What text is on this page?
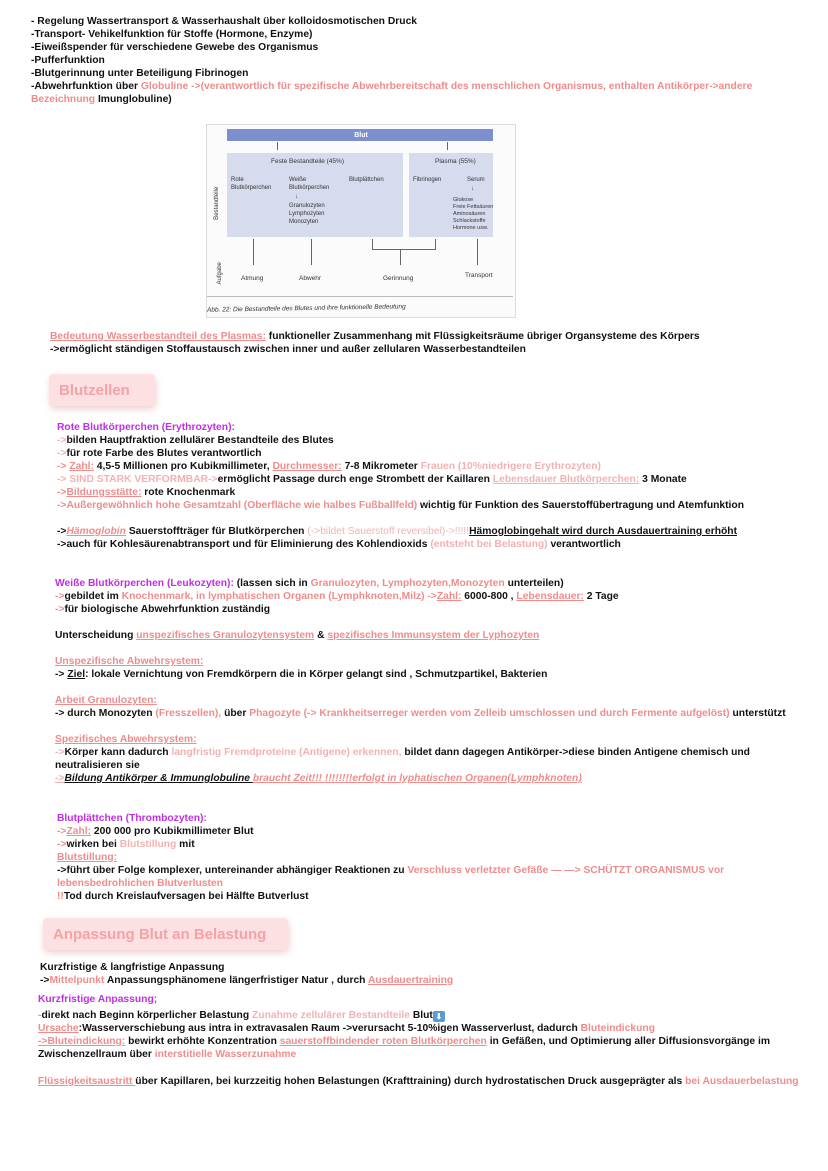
- Regelung Wassertransport & Wasserhaushalt über kolloidosmotischen Druck
-Transport- Vehikelfunktion für Stoffe (Hormone, Enzyme)
-Eiweißspender für verschiedene Gewebe des Organismus
-Pufferfunktion
-Blutgerinnung unter Beteiligung Fibrinogen
-Abwehrfunktion über Globuline ->(verantwortlich für spezifische Abwehrbereitschaft des menschlichen Organismus, enthalten Antikörper->andere
Bezeichnung Imunglobuline)
Blut
Feste Bestandteile (45%)	Plasma (55%)
Rote
Blutkörperchen
Weiße
Blutkörperchen
↓
Granulozyten
Lymphozyten
Monozyten
Blutplättchen	Fibrinogen	Serum
↓
Glukose
Freie Fettsäuren
Aminosäuren
Schlackstoffe
Hormone usw.
Bestandteile
Aufgabe	Atmung	Abwehr	Gerinnung	Transport
Abb. 22: Die Bestandteile des Blutes und ihre funktionelle Bedeutung
Bedeutung Wasserbestandteil des Plasmas: funktioneller Zusammenhang mit Flüssigkeitsräume übriger Organsysteme des Körpers
->ermöglicht ständigen Stoffaustausch zwischen inner und außer zellularen Wasserbestandteilen
Blutzellen
Rote Blutkörperchen (Erythrozyten):
->bilden Hauptfraktion zellulärer Bestandteile des Blutes
->für rote Farbe des Blutes verantwortlich
-> Zahl: 4,5-5 Millionen pro Kubikmillimeter, Durchmesser: 7-8 Mikrometer Frauen (10%niedrigere Erythrozyten)
-> SIND STARK VERFORMBAR->ermöglicht Passage durch enge Strombett der Kaillaren Lebensdauer Blutkörperchen: 3 Monate
->Bildungsstätte: rote Knochenmark
->Außergewöhnlich hohe Gesamtzahl (Oberfläche wie halbes Fußballfeld) wichtig für Funktion des Sauerstoffübertragung und Atemfunktion
->Hämoglobin Sauerstoffträger für Blutkörperchen (->bildet Sauerstoff reversibel)->!!!!!Hämoglobingehalt wird durch Ausdauertraining erhöht
->auch für Kohlesäurenabtransport und für Eliminierung des Kohlendioxids (entsteht bei Belastung) verantwortlich
Weiße Blutkörperchen (Leukozyten): (lassen sich in Granulozyten, Lymphozyten,Monozyten unterteilen)
->gebildet im Knochenmark, in lymphatischen Organen (Lymphknoten,Milz) ->Zahl: 6000-800 , Lebensdauer: 2 Tage
->für biologische Abwehrfunktion zuständig
Unterscheidung unspezifisches Granulozytensystem & spezifisches Immunsystem der Lyphozyten
Unspezifische Abwehrsystem:
-> Ziel: lokale Vernichtung von Fremdkörpern die in Körper gelangt sind , Schmutzpartikel, Bakterien
Arbeit Granulozyten:
-> durch Monozyten (Fresszellen), über Phagozyte (-> Krankheitserreger werden vom Zelleib umschlossen und durch Fermente aufgelöst) unterstützt
Spezifisches Abwehrsystem:
->Körper kann dadurch langfristig Fremdproteine (Antigene) erkennen, bildet dann dagegen Antikörper->diese binden Antigene chemisch und
neutralisieren sie
->Bildung Antikörper & Immunglobuline braucht Zeit!!! !!!!!!!!erfolgt in lyphatischen Organen(Lymphknoten)
Blutplättchen (Thrombozyten):
->Zahl: 200 000 pro Kubikmillimeter Blut
->wirken bei Blutstillung mit
Blutstillung:
->führt über Folge komplexer, untereinander abhängiger Reaktionen zu Verschluss verletzter Gefäße — —> SCHÜTZT ORGANISMUS vor
lebensbedrohlichen Blutverlusten
!!Tod durch Kreislaufversagen bei Hälfte Butverlust
Anpassung Blut an Belastung
Kurzfristige & langfristige Anpassung
->Mittelpunkt Anpassungsphänomene längerfristiger Natur , durch Ausdauertraining
Kurzfristige Anpassung;
-direkt nach Beginn körperlicher Belastung Zunahme zellulärer Bestandteile Blut ⬇
Ursache:Wasserverschiebung aus intra in extravasalen Raum ->verursacht 5-10%igen Wasserverlust, dadurch Bluteindickung
->Bluteindickung: bewirkt erhöhte Konzentration sauerstoffbindender roten Blutkörperchen in Gefäßen, und Optimierung aller Diffusionsvorgänge im
Zwischenzellraum über interstitielle Wasserzunahme
Flüssigkeitsaustritt über Kapillaren, bei kurzzeitig hohen Belastungen (Krafttraining) durch hydrostatischen Druck ausgeprägter als bei Ausdauerbelastung
